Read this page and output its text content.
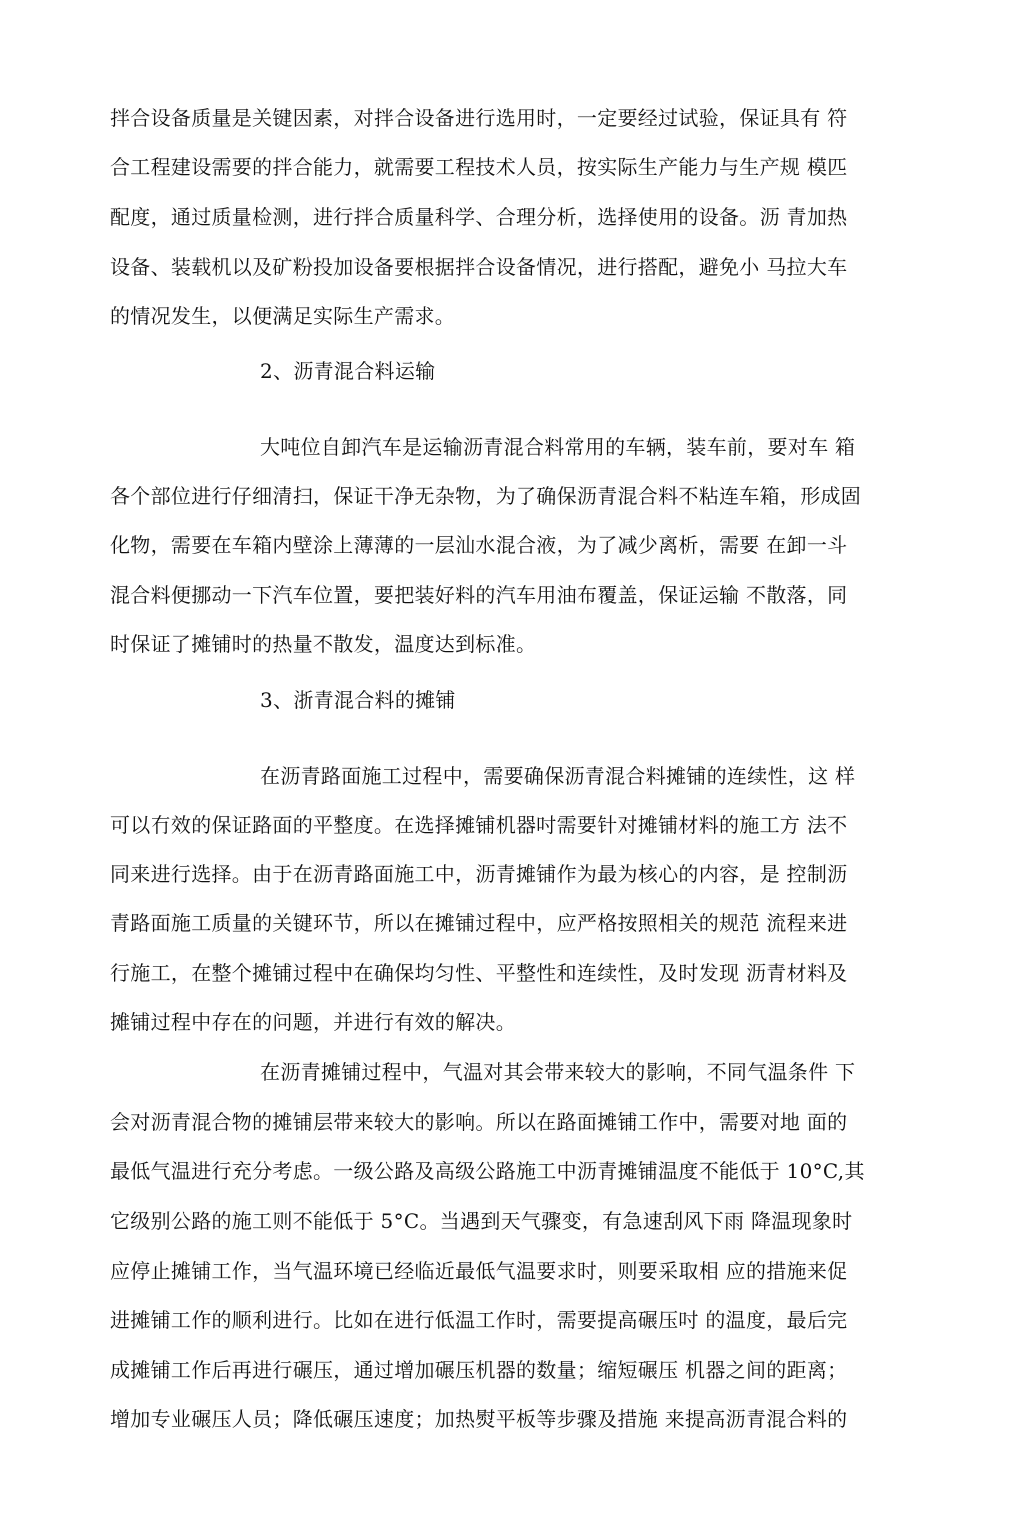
拌合设备质量是关键因素，对拌合设备进行选用时，一定要经过试验，保证具有 符
合工程建设需要的拌合能力，就需要工程技术人员，按实际生产能力与生产规 模匹
配度，通过质量检测，进行拌合质量科学、合理分析，选择使用的设备。沥 青加热
设备、装载机以及矿粉投加设备要根据拌合设备情况，进行搭配，避免小 马拉大车
的情况发生，以便满足实际生产需求。
2、沥青混合料运输
大吨位自卸汽车是运输沥青混合料常用的车辆，装车前，要对车 箱
各个部位进行仔细清扫，保证干净无杂物，为了确保沥青混合料不粘连车箱，形成固
化物，需要在车箱内壁涂上薄薄的一层汕水混合液，为了减少离析，需要 在卸一斗
混合料便挪动一下汽车位置，要把装好料的汽车用油布覆盖，保证运输 不散落，同
时保证了摊铺时的热量不散发，温度达到标准。
3、浙青混合料的摊铺
在沥青路面施工过程中，需要确保沥青混合料摊铺的连续性，这 样
可以冇效的保证路面的平整度。在选择摊铺机器吋需要针对摊铺材料的施工方 法不
同来进行选择。由于在沥青路面施工中，沥青摊铺作为最为核心的内容，是 控制沥
青路面施工质量的关键环节，所以在摊铺过程中，应严格按照相关的规范 流程来进
行施工，在整个摊铺过程中在确保均匀性、平整性和连续性，及时发现 沥青材料及
摊铺过程中存在的问题，并进行有效的解决。
在沥青摊铺过程中，气温对其会带来较大的影响，不同气温条件 下
会对沥青混合物的摊铺层带来较大的影响。所以在路面摊铺工作中，需要对地 面的
最低气温进行充分考虑。一级公路及高级公路施工中沥青摊铺温度不能低于 10°C,其
它级别公路的施工则不能低于 5°C。当遇到天气骤变，有急速刮风下雨 降温现象时
应停止摊铺工作，当气温环境已经临近最低气温要求时，则要采取相 应的措施来促
进摊铺工作的顺利进行。比如在进行低温工作时，需要提高碾压吋 的温度，最后完
成摊铺工作后再进行碾压，通过增加碾压机器的数量；缩短碾压 机器之间的距离；
增加专业碾压人员；降低碾压速度；加热熨平板等步骤及措施 来提高沥青混合料的
